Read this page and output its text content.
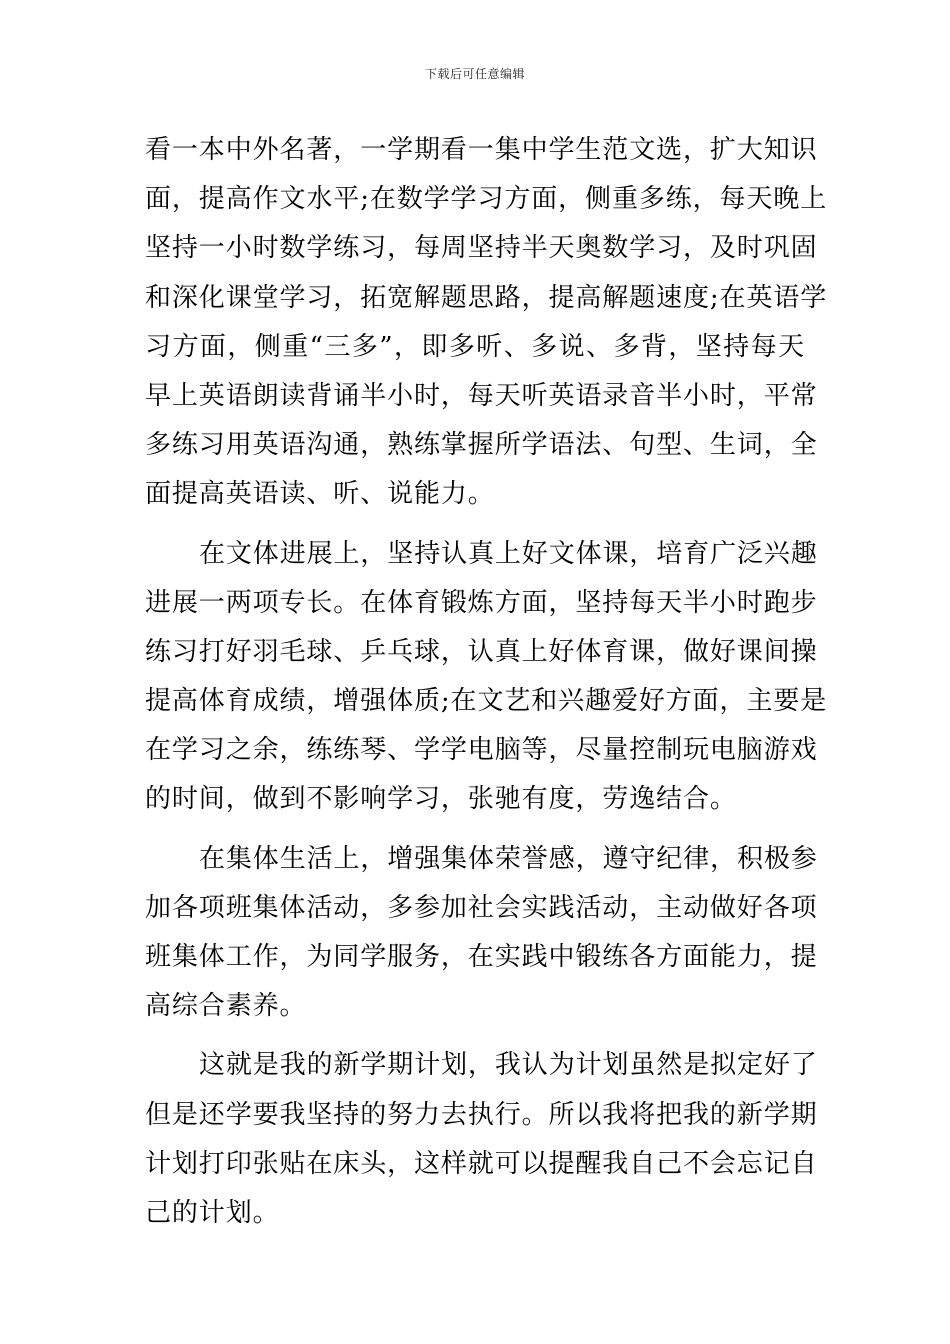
下载后可任意编辑
看一本中外名著，一学期看一集中学生范文选，扩大知识
面，提高作文水平;在数学学习方面，侧重多练，每天晚上
坚持一小时数学练习，每周坚持半天奥数学习，及时巩固
和深化课堂学习，拓宽解题思路，提高解题速度;在英语学
习方面，侧重“三多”，即多听、多说、多背，坚持每天
早上英语朗读背诵半小时，每天听英语录音半小时，平常
多练习用英语沟通，熟练掌握所学语法、句型、生词，全
面提高英语读、听、说能力。
在文体进展上，坚持认真上好文体课，培育广泛兴趣
进展一两项专长。在体育锻炼方面，坚持每天半小时跑步
练习打好羽毛球、乒乓球，认真上好体育课，做好课间操
提高体育成绩，增强体质;在文艺和兴趣爱好方面，主要是
在学习之余，练练琴、学学电脑等，尽量控制玩电脑游戏
的时间，做到不影响学习，张驰有度，劳逸结合。
在集体生活上，增强集体荣誉感，遵守纪律，积极参
加各项班集体活动，多参加社会实践活动，主动做好各项
班集体工作，为同学服务，在实践中锻练各方面能力，提
高综合素养。
这就是我的新学期计划，我认为计划虽然是拟定好了
但是还学要我坚持的努力去执行。所以我将把我的新学期
计划打印张贴在床头，这样就可以提醒我自己不会忘记自
己的计划。
